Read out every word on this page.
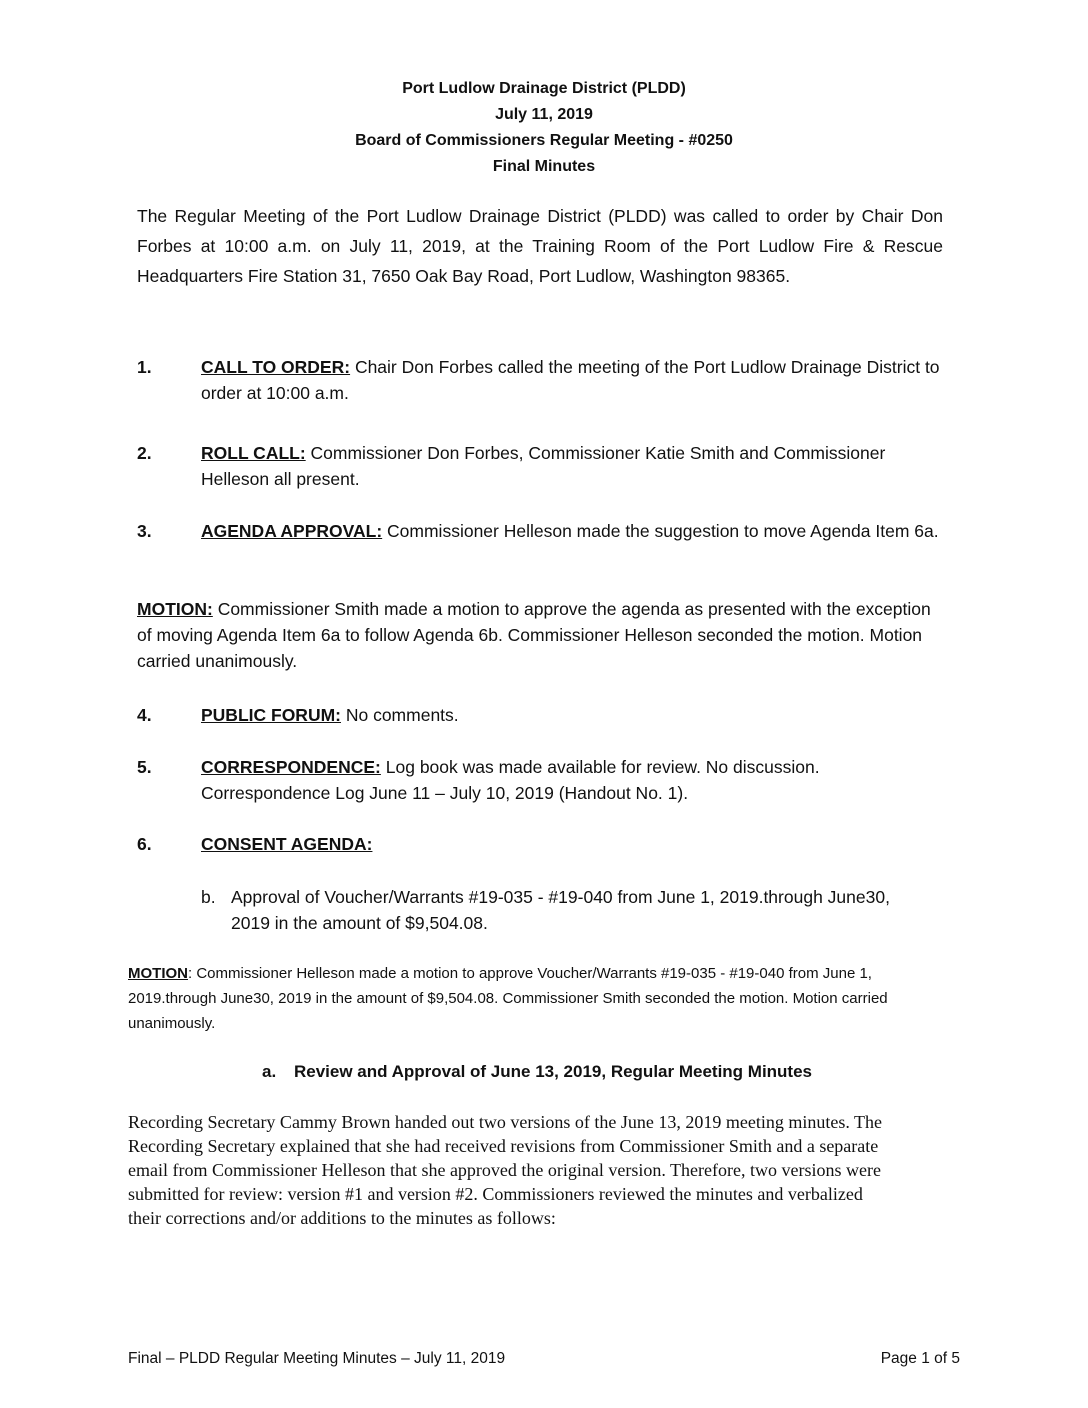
Port Ludlow Drainage District (PLDD)
July 11, 2019
Board of Commissioners Regular Meeting - #0250
Final Minutes
The Regular Meeting of the Port Ludlow Drainage District (PLDD) was called to order by Chair Don Forbes at 10:00 a.m. on July 11, 2019, at the Training Room of the Port Ludlow Fire & Rescue Headquarters Fire Station 31, 7650 Oak Bay Road, Port Ludlow, Washington 98365.
1.	CALL TO ORDER: Chair Don Forbes called the meeting of the Port Ludlow Drainage District to order at 10:00 a.m.
2.	ROLL CALL: Commissioner Don Forbes, Commissioner Katie Smith and Commissioner Helleson all present.
3.	AGENDA APPROVAL: Commissioner Helleson made the suggestion to move Agenda Item 6a.
MOTION: Commissioner Smith made a motion to approve the agenda as presented with the exception of moving Agenda Item 6a to follow Agenda 6b. Commissioner Helleson seconded the motion. Motion carried unanimously.
4.	PUBLIC FORUM: No comments.
5.	CORRESPONDENCE: Log book was made available for review. No discussion. Correspondence Log June 11 – July 10, 2019 (Handout No. 1).
6.	CONSENT AGENDA:
b. Approval of Voucher/Warrants #19-035 - #19-040 from June 1, 2019.through June30, 2019 in the amount of $9,504.08.
MOTION: Commissioner Helleson made a motion to approve Voucher/Warrants #19-035 - #19-040 from June 1, 2019.through June30, 2019 in the amount of $9,504.08. Commissioner Smith seconded the motion. Motion carried unanimously.
a. Review and Approval of June 13, 2019, Regular Meeting Minutes
Recording Secretary Cammy Brown handed out two versions of the June 13, 2019 meeting minutes. The Recording Secretary explained that she had received revisions from Commissioner Smith and a separate email from Commissioner Helleson that she approved the original version. Therefore, two versions were submitted for review: version #1 and version #2. Commissioners reviewed the minutes and verbalized their corrections and/or additions to the minutes as follows:
Final – PLDD Regular Meeting Minutes – July 11, 2019	Page 1 of 5
